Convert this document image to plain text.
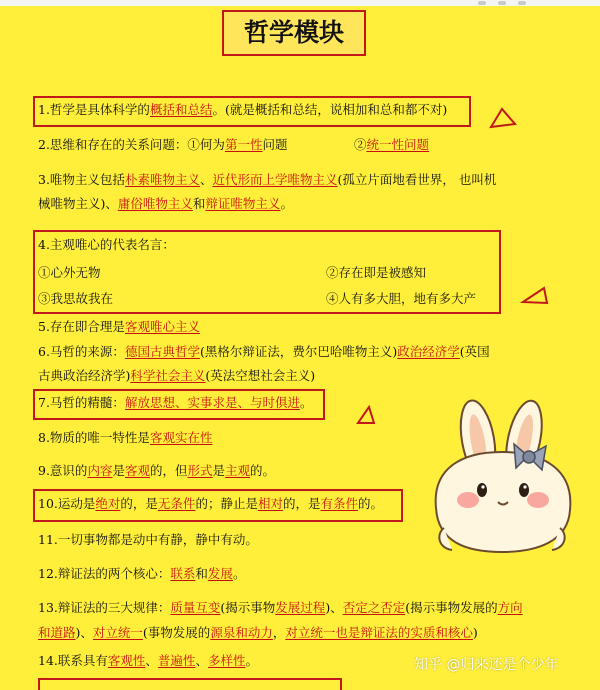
哲学模块
1.哲学是具体科学的概括和总结。(就是概括和总结，说相加和总和都不对)
2.思维和存在的关系问题：①何为第一性问题	②统一性问题
3.唯物主义包括朴素唯物主义、近代形而上学唯物主义(孤立片面地看世界， 也叫机
械唯物主义)、庸俗唯物主义和辩证唯物主义。
4.主观唯心的代表名言：
①心外无物	②存在即是被感知
③我思故我在	④人有多大胆，地有多大产
5.存在即合理是客观唯心主义
6.马哲的来源：德国古典哲学(黑格尔辩证法，费尔巴哈唯物主义)政治经济学(英国
古典政治经济学)科学社会主义(英法空想社会主义)
7.马哲的精髓：解放思想、实事求是、与时俱进。
8.物质的唯一特性是客观实在性
9.意识的内容是客观的，但形式是主观的。
10.运动是绝对的，是无条件的；静止是相对的，是有条件的。
11.一切事物都是动中有静，静中有动。
12.辩证法的两个核心：联系和发展。
13.辩证法的三大规律：质量互变(揭示事物发展过程)、否定之否定(揭示事物发展的方向
和道路)、对立统一(事物发展的源泉和动力，对立统一也是辩证法的实质和核心)
14.联系具有客观性、普遍性、多样性。	知乎 @归来还是个少年
